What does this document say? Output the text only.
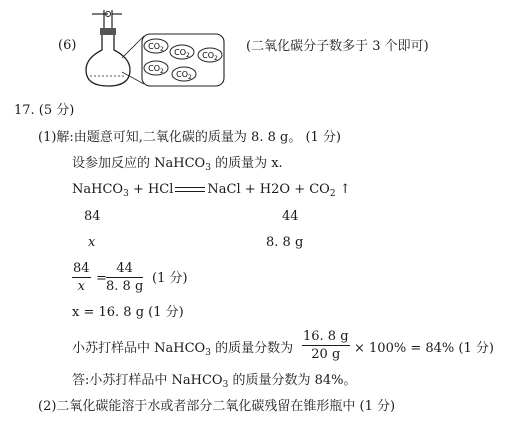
(6)	$CO_2$ $CO_2$ $CO_2$
$CO_2$ $CO_2$
(二氧化碳分子数多于 3 个即可)
17. (5 分)
(1)解:由题意可知,二氧化碳的质量为 8. 8 g。 (1 分)
设参加反应的 NaHCO$_3$ 的质量为 x.
NaHCO$_3$ + HCl	NaCl + $H2O + CO_2$ ↑
84	44
x	8. 8 g
$\frac{84}{x} = \frac{44}{8. 8 g} (1$ 分)
x = 16. 8 g (1 分)
小苏打样品中 NaHCO$_3$ 的质量分数为 $\frac{16. 8 g}{20 g} \times 100\% = 84\%$ (1 分)
答:小苏打样品中 NaHCO$_3$ 的质量分数为 84%。
(2)二氧化碳能溶于水或者部分二氧化碳残留在锥形瓶中 (1 分)
